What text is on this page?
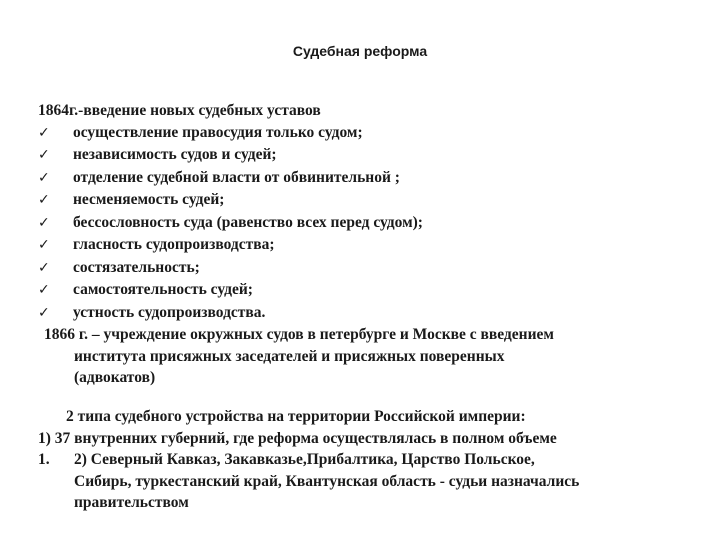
Судебная реформа
1864г.-введение новых судебных уставов
✓	осуществление правосудия только судом;
✓	независимость судов и судей;
✓	отделение судебной власти от обвинительной ;
✓	несменяемость судей;
✓	бессословность суда (равенство всех перед судом);
✓	гласность судопроизводства;
✓	состязательность;
✓	самостоятельность судей;
✓	устность судопроизводства.
1866 г. – учреждение окружных судов в петербурге и Москве с введением
института присяжных заседателей и присяжных поверенных
(адвокатов)
2 типа судебного устройства на территории Российской империи:
1) 37 внутренних губерний, где реформа осуществлялась в полном объеме
1.	2) Северный Кавказ, Закавказье,Прибалтика, Царство Польское,
Сибирь, туркестанский край, Квантунская область - судьи назначались
правительством
